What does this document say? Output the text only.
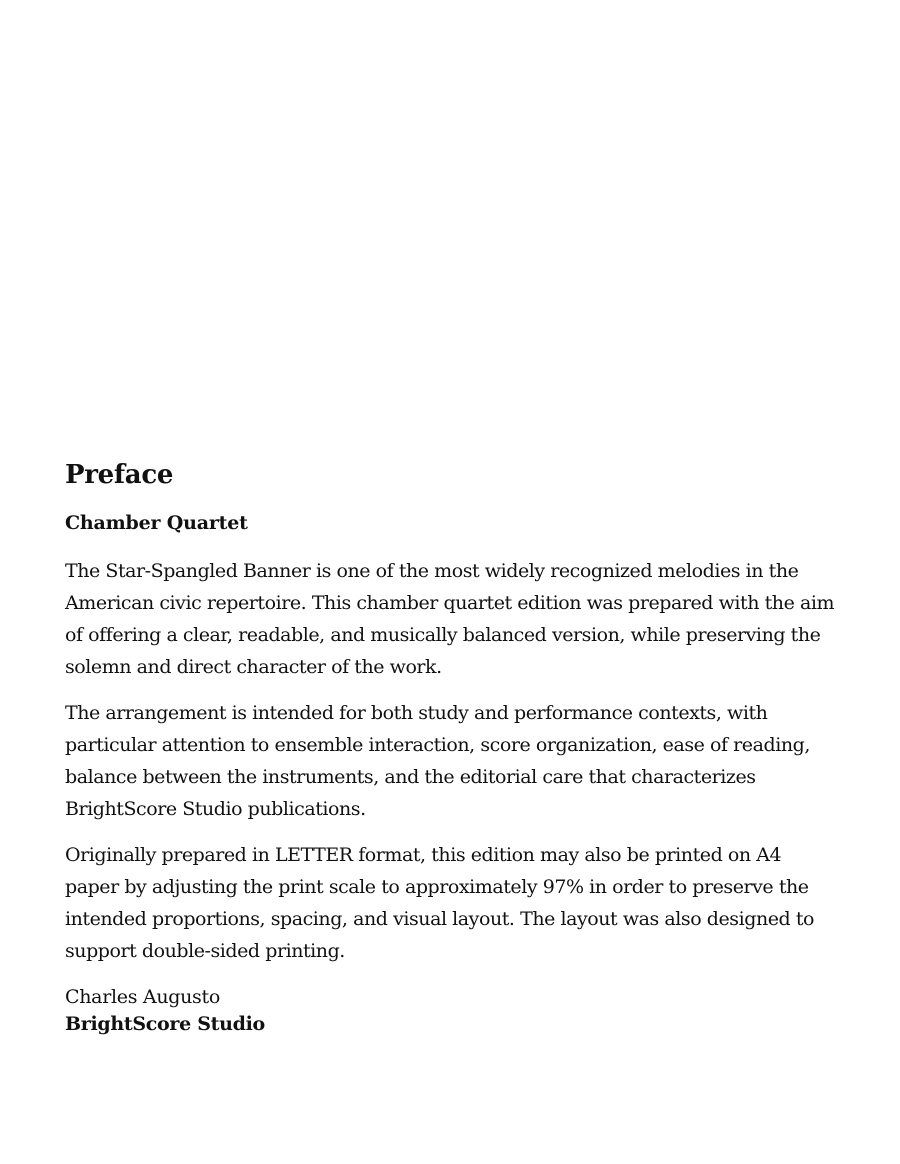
Preface
Chamber Quartet

The Star-Spangled Banner is one of the most widely recognized melodies in the American civic repertoire. This chamber quartet edition was prepared with the aim of offering a clear, readable, and musically balanced version, while preserving the solemn and direct character of the work.

The arrangement is intended for both study and performance contexts, with particular attention to ensemble interaction, score organization, ease of reading, balance between the instruments, and the editorial care that characterizes BrightScore Studio publications.

Originally prepared in LETTER format, this edition may also be printed on A4 paper by adjusting the print scale to approximately 97% in order to preserve the intended proportions, spacing, and visual layout. The layout was also designed to support double-sided printing.

Charles Augusto
BrightScore Studio
